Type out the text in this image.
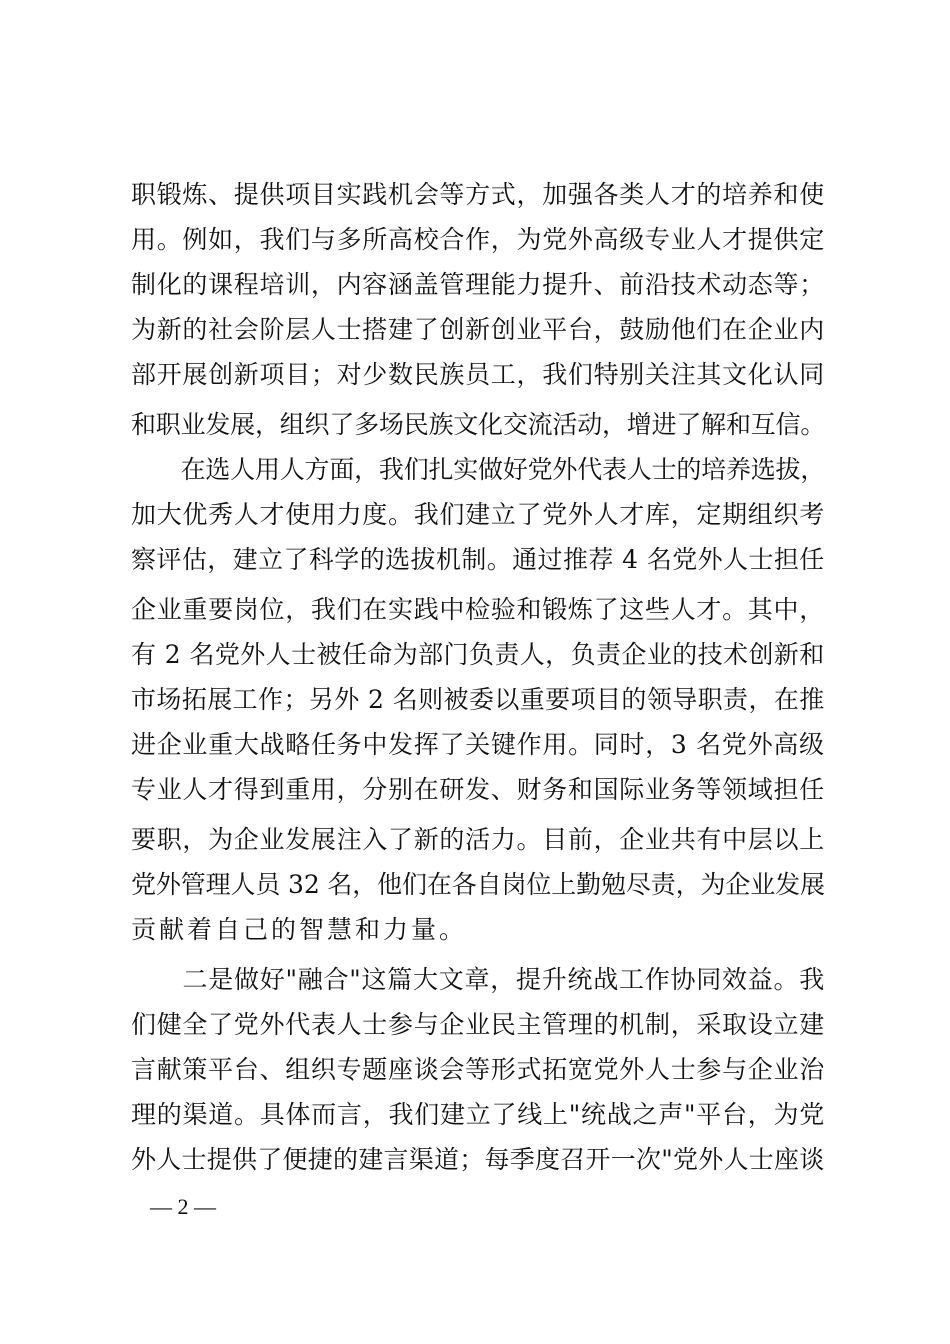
职锻炼、提供项目实践机会等方式，加强各类人才的培养和使
用。例如，我们与多所高校合作，为党外高级专业人才提供定
制化的课程培训，内容涵盖管理能力提升、前沿技术动态等；
为新的社会阶层人士搭建了创新创业平台，鼓励他们在企业内
部开展创新项目；对少数民族员工，我们特别关注其文化认同
和职业发展，组织了多场民族文化交流活动，增进了解和互信。
　　在选人用人方面，我们扎实做好党外代表人士的培养选拔，
加大优秀人才使用力度。我们建立了党外人才库，定期组织考
察评估，建立了科学的选拔机制。通过推荐 4 名党外人士担任
企业重要岗位，我们在实践中检验和锻炼了这些人才。其中，
有 2 名党外人士被任命为部门负责人，负责企业的技术创新和
市场拓展工作；另外 2 名则被委以重要项目的领导职责，在推
进企业重大战略任务中发挥了关键作用。同时，3 名党外高级
专业人才得到重用，分别在研发、财务和国际业务等领域担任
要职，为企业发展注入了新的活力。目前，企业共有中层以上
党外管理人员 32 名，他们在各自岗位上勤勉尽责，为企业发展
贡献着自己的智慧和力量。
　　二是做好"融合"这篇大文章，提升统战工作协同效益。我
们健全了党外代表人士参与企业民主管理的机制，采取设立建
言献策平台、组织专题座谈会等形式拓宽党外人士参与企业治
理的渠道。具体而言，我们建立了线上"统战之声"平台，为党
外人士提供了便捷的建言渠道；每季度召开一次"党外人士座谈
— 2 —
